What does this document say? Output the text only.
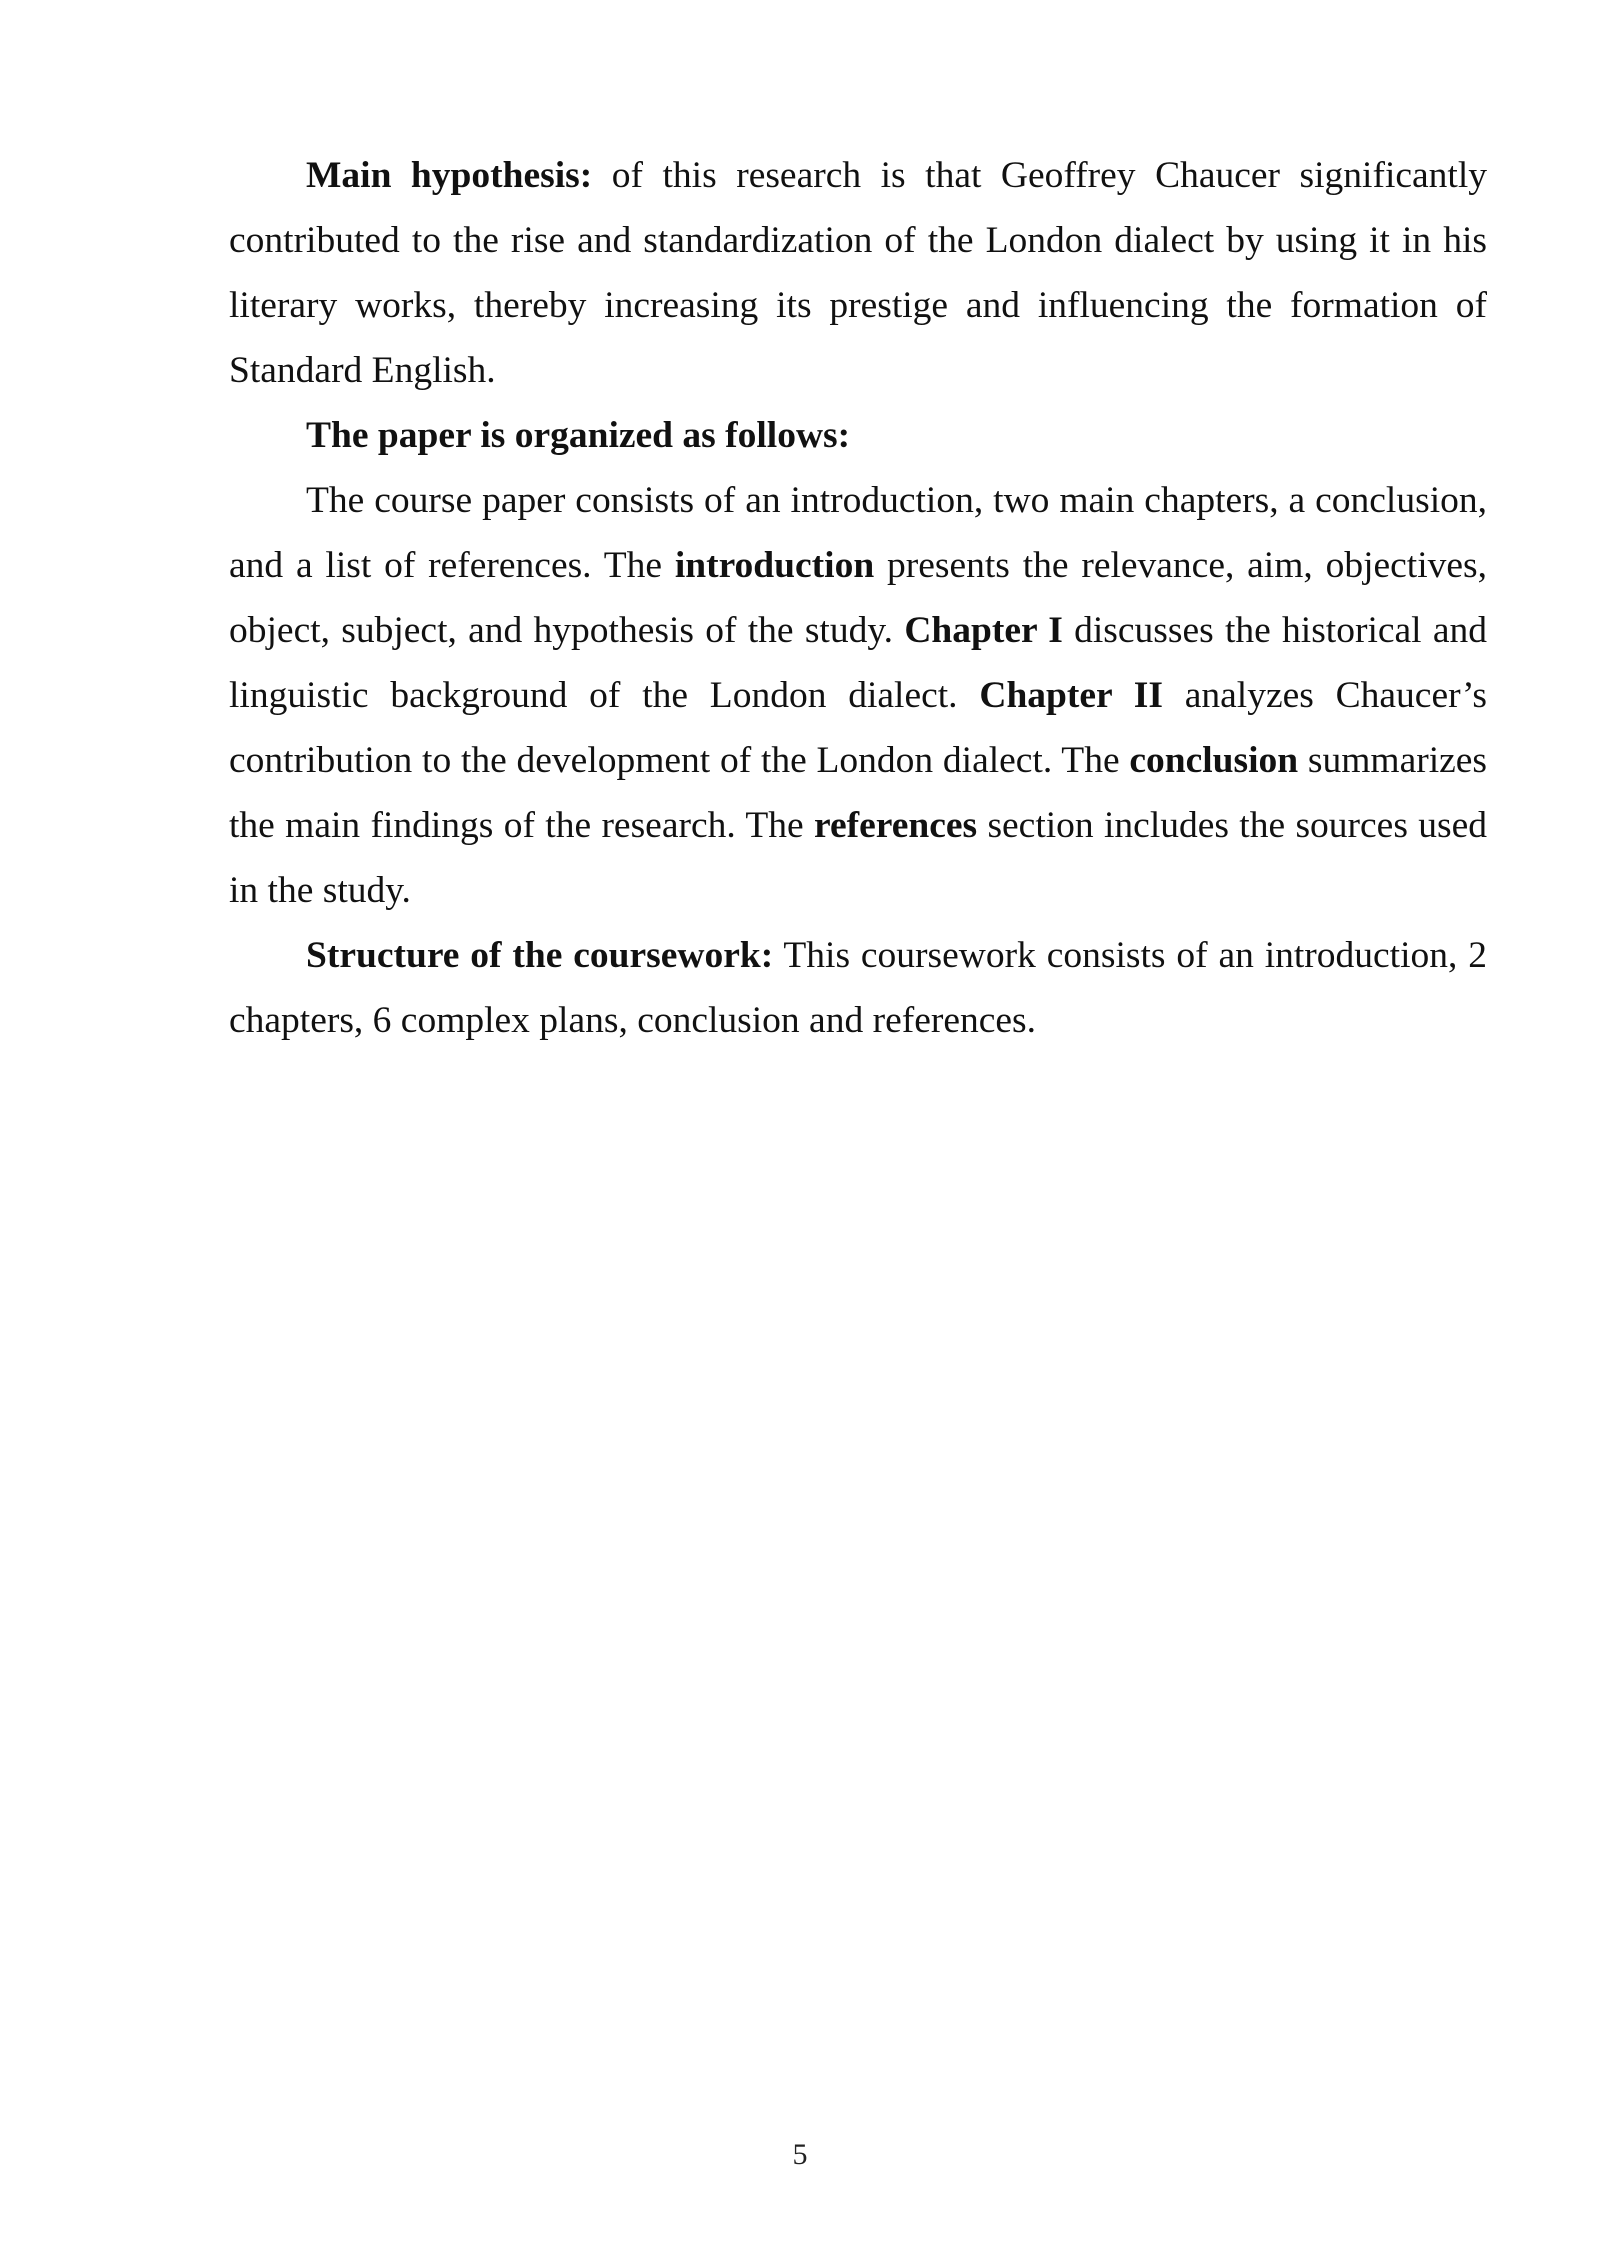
Main hypothesis: of this research is that Geoffrey Chaucer significantly contributed to the rise and standardization of the London dialect by using it in his literary works, thereby increasing its prestige and influencing the formation of Standard English.

The paper is organized as follows:

The course paper consists of an introduction, two main chapters, a conclusion, and a list of references. The introduction presents the relevance, aim, objectives, object, subject, and hypothesis of the study. Chapter I discusses the historical and linguistic background of the London dialect. Chapter II analyzes Chaucer’s contribution to the development of the London dialect. The conclusion summarizes the main findings of the research. The references section includes the sources used in the study.

Structure of the coursework: This coursework consists of an introduction, 2 chapters, 6 complex plans, conclusion and references.

5
